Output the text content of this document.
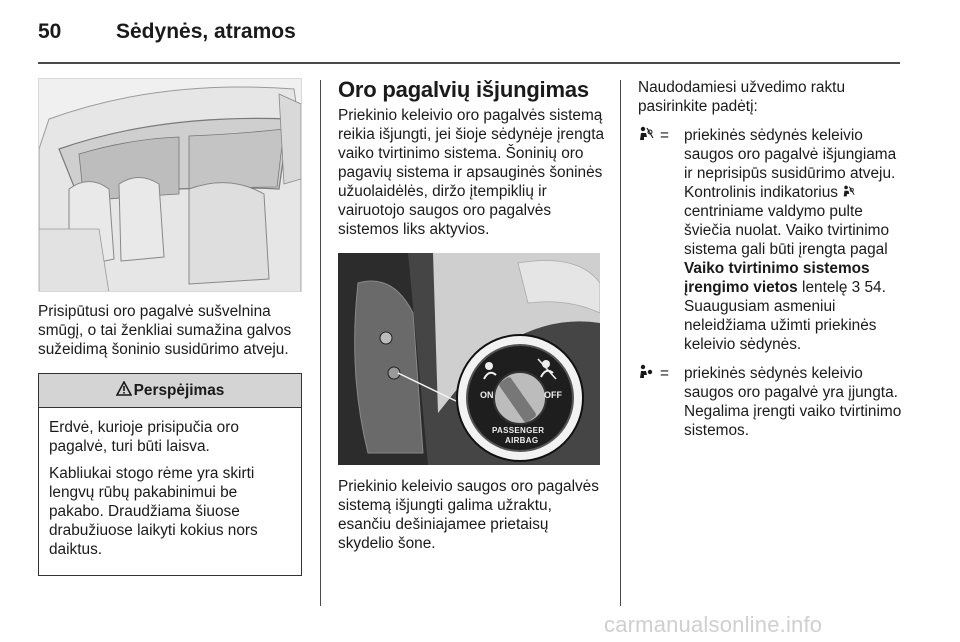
50	Sėdynės, atramos

Prisipūtusi oro pagalvė sušvelnina smūgį, o tai ženkliai sumažina galvos sužeidimą šoninio susidūrimo atveju.

Perspėjimas

Erdvė, kurioje prisipučia oro pagalvė, turi būti laisva.

Kabliukai stogo rėme yra skirti lengvų rūbų pakabinimui be pakabo. Draudžiama šiuose drabužiuose laikyti kokius nors daiktus.

Oro pagalvių išjungimas

Priekinio keleivio oro pagalvės sistemą reikia išjungti, jei šioje sėdynėje įrengta vaiko tvirtinimo sistema. Šoninių oro pagavių sistema ir apsauginės šoninės užuolaidėlės, diržo įtempiklių ir vairuotojo saugos oro pagalvės sistemos liks aktyvios.

ON	OFF
PASSENGER
AIRBAG

Priekinio keleivio saugos oro pagalvės sistemą išjungti galima užraktu, esančiu dešiniajamee prietaisų skydelio šone.

Naudodamiesi užvedimo raktu pasirinkite padėtį:

= priekinės sėdynės keleivio saugos oro pagalvė išjungiama ir neprisipūs susidūrimo atveju. Kontrolinis indikatorius  centriniame valdymo pulte šviečia nuolat. Vaiko tvirtinimo sistema gali būti įrengta pagal Vaiko tvirtinimo sistemos įrengimo vietos lentelę 3 54.
Suaugusiam asmeniui neleidžiama užimti priekinės keleivio sėdynės.
= priekinės sėdynės keleivio saugos oro pagalvė yra įjungta. Negalima įrengti vaiko tvirtinimo sistemos.
carmanualsonline.info
